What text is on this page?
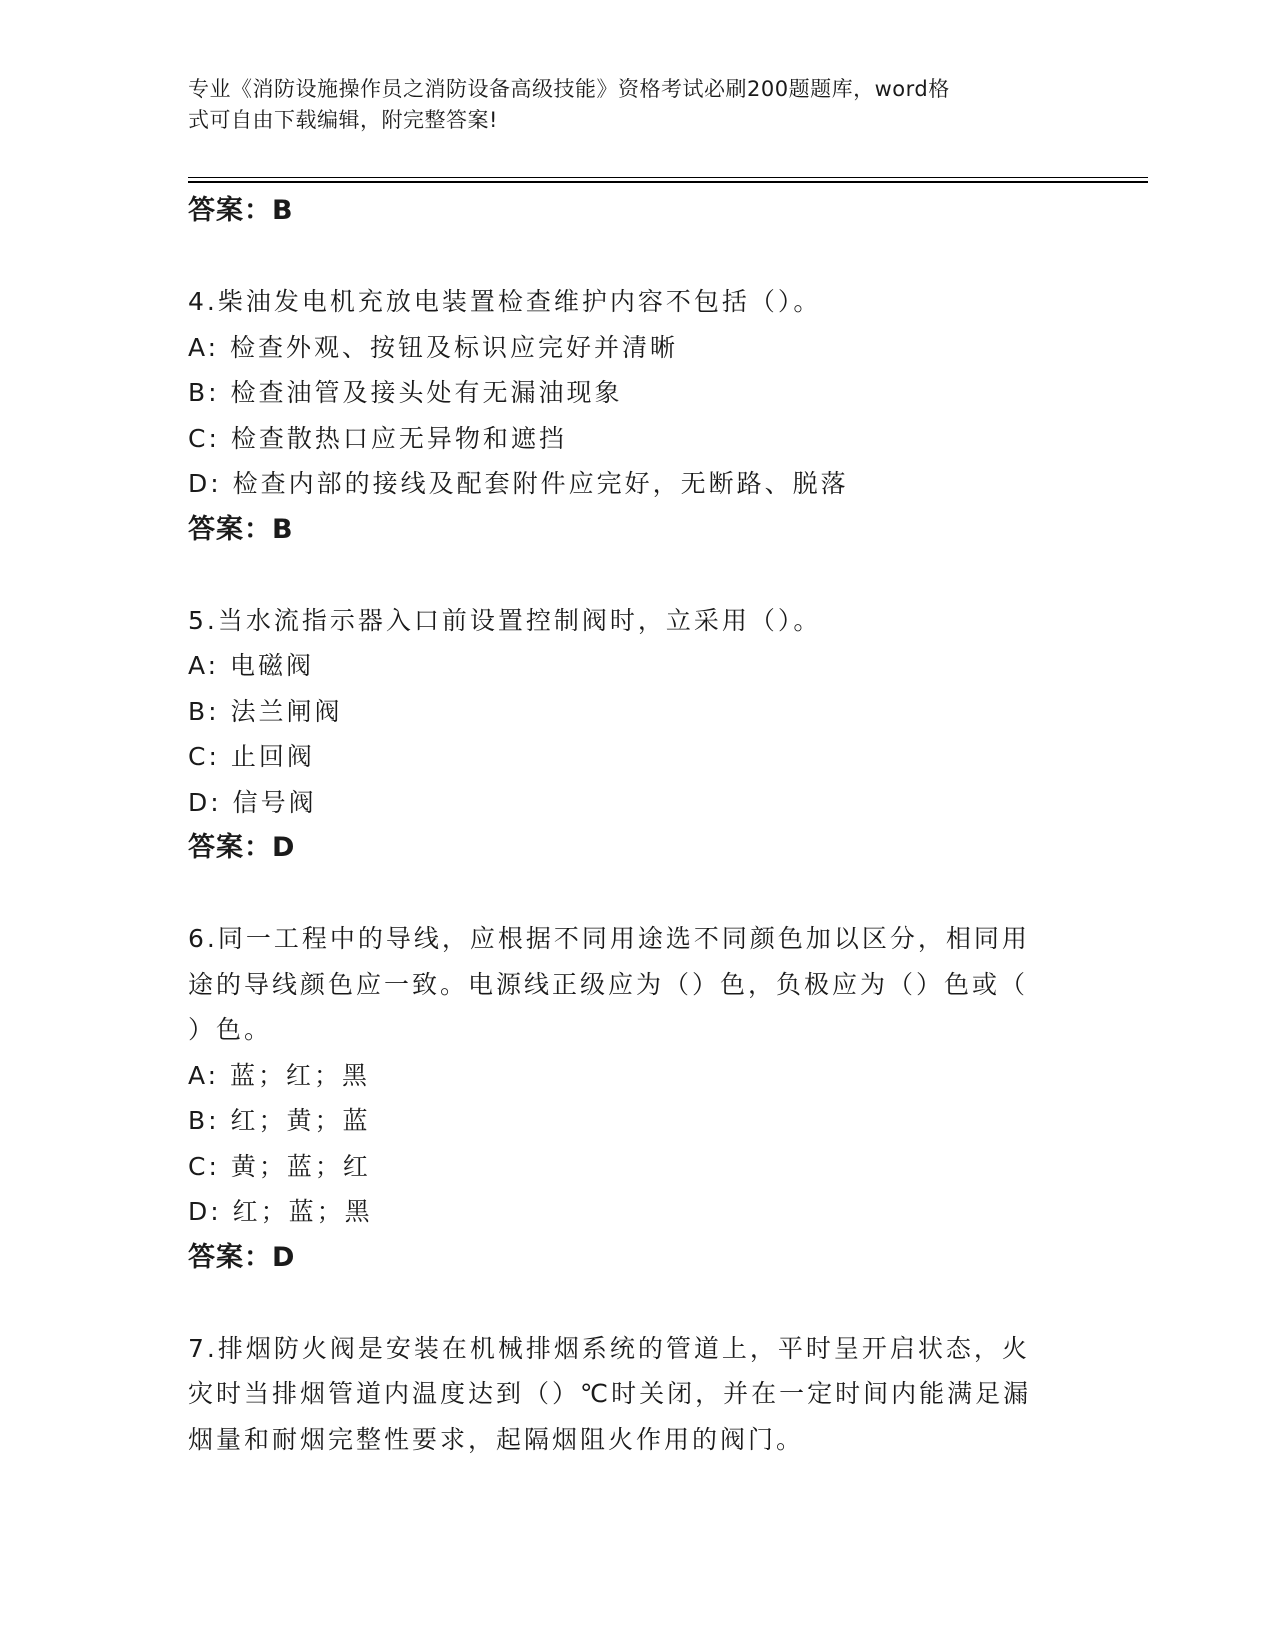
专业《消防设施操作员之消防设备高级技能》资格考试必刷200题题库，word格
式可自由下载编辑，附完整答案!
答案：B
4.柴油发电机充放电装置检查维护内容不包括（）。
A: 检查外观、按钮及标识应完好并清晰
B: 检查油管及接头处有无漏油现象
C: 检查散热口应无异物和遮挡
D: 检查内部的接线及配套附件应完好，无断路、脱落
答案：B
5.当水流指示器入口前设置控制阀时，立采用（）。
A: 电磁阀
B: 法兰闸阀
C: 止回阀
D: 信号阀
答案：D
6.同一工程中的导线，应根据不同用途选不同颜色加以区分，相同用
途的导线颜色应一致。电源线正级应为（）色，负极应为（）色或（
）色。
A: 蓝；红；黑
B: 红；黄；蓝
C: 黄；蓝；红
D: 红；蓝；黑
答案：D
7.排烟防火阀是安装在机械排烟系统的管道上，平时呈开启状态，火
灾时当排烟管道内温度达到（）℃时关闭，并在一定时间内能满足漏
烟量和耐烟完整性要求，起隔烟阻火作用的阀门。
